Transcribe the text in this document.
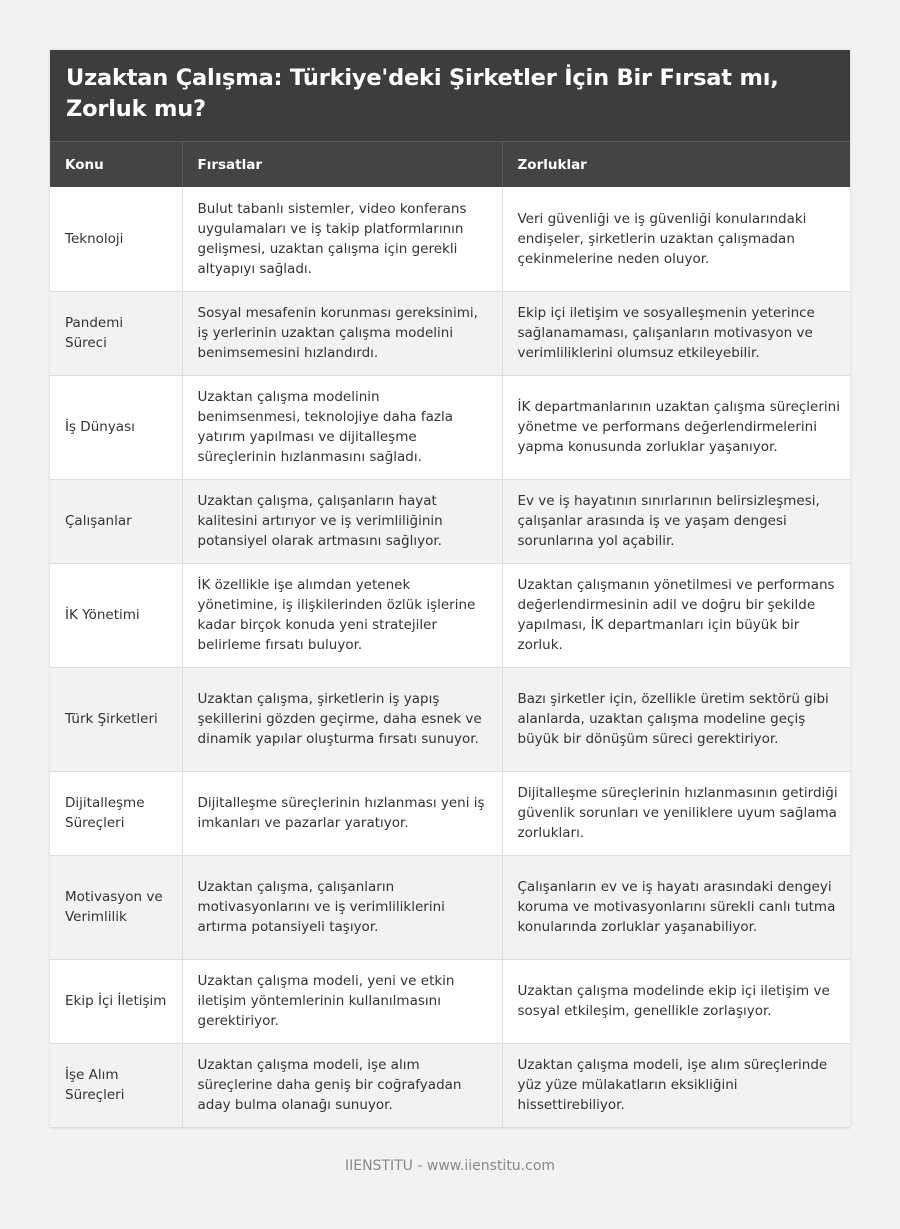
Uzaktan Çalışma: Türkiye'deki Şirketler İçin Bir Fırsat mı, Zorluk mu?
Konu	Fırsatlar	Zorluklar
Teknoloji	Bulut tabanlı sistemler, video konferans uygulamaları ve iş takip platformlarının gelişmesi, uzaktan çalışma için gerekli altyapıyı sağladı.	Veri güvenliği ve iş güvenliği konularındaki endişeler, şirketlerin uzaktan çalışmadan çekinmelerine neden oluyor.
Pandemi Süreci	Sosyal mesafenin korunması gereksinimi, iş yerlerinin uzaktan çalışma modelini benimsemesini hızlandırdı.	Ekip içi iletişim ve sosyalleşmenin yeterince sağlanamaması, çalışanların motivasyon ve verimliliklerini olumsuz etkileyebilir.
İş Dünyası	Uzaktan çalışma modelinin benimsenmesi, teknolojiye daha fazla yatırım yapılması ve dijitalleşme süreçlerinin hızlanmasını sağladı.	İK departmanlarının uzaktan çalışma süreçlerini yönetme ve performans değerlendirmelerini yapma konusunda zorluklar yaşanıyor.
Çalışanlar	Uzaktan çalışma, çalışanların hayat kalitesini artırıyor ve iş verimliliğinin potansiyel olarak artmasını sağlıyor.	Ev ve iş hayatının sınırlarının belirsizleşmesi, çalışanlar arasında iş ve yaşam dengesi sorunlarına yol açabilir.
İK Yönetimi	İK özellikle işe alımdan yetenek yönetimine, iş ilişkilerinden özlük işlerine kadar birçok konuda yeni stratejiler belirleme fırsatı buluyor.	Uzaktan çalışmanın yönetilmesi ve performans değerlendirmesinin adil ve doğru bir şekilde yapılması, İK departmanları için büyük bir zorluk.
Türk Şirketleri	Uzaktan çalışma, şirketlerin iş yapış şekillerini gözden geçirme, daha esnek ve dinamik yapılar oluşturma fırsatı sunuyor.	Bazı şirketler için, özellikle üretim sektörü gibi alanlarda, uzaktan çalışma modeline geçiş büyük bir dönüşüm süreci gerektiriyor.
Dijitalleşme Süreçleri	Dijitalleşme süreçlerinin hızlanması yeni iş imkanları ve pazarlar yaratıyor.	Dijitalleşme süreçlerinin hızlanmasının getirdiği güvenlik sorunları ve yeniliklere uyum sağlama zorlukları.
Motivasyon ve Verimlilik	Uzaktan çalışma, çalışanların motivasyonlarını ve iş verimliliklerini artırma potansiyeli taşıyor.	Çalışanların ev ve iş hayatı arasındaki dengeyi koruma ve motivasyonlarını sürekli canlı tutma konularında zorluklar yaşanabiliyor.
Ekip İçi İletişim	Uzaktan çalışma modeli, yeni ve etkin iletişim yöntemlerinin kullanılmasını gerektiriyor.	Uzaktan çalışma modelinde ekip içi iletişim ve sosyal etkileşim, genellikle zorlaşıyor.
İşe Alım Süreçleri	Uzaktan çalışma modeli, işe alım süreçlerine daha geniş bir coğrafyadan aday bulma olanağı sunuyor.	Uzaktan çalışma modeli, işe alım süreçlerinde yüz yüze mülakatların eksikliğini hissettirebiliyor.
IIENSTITU - www.iienstitu.com
